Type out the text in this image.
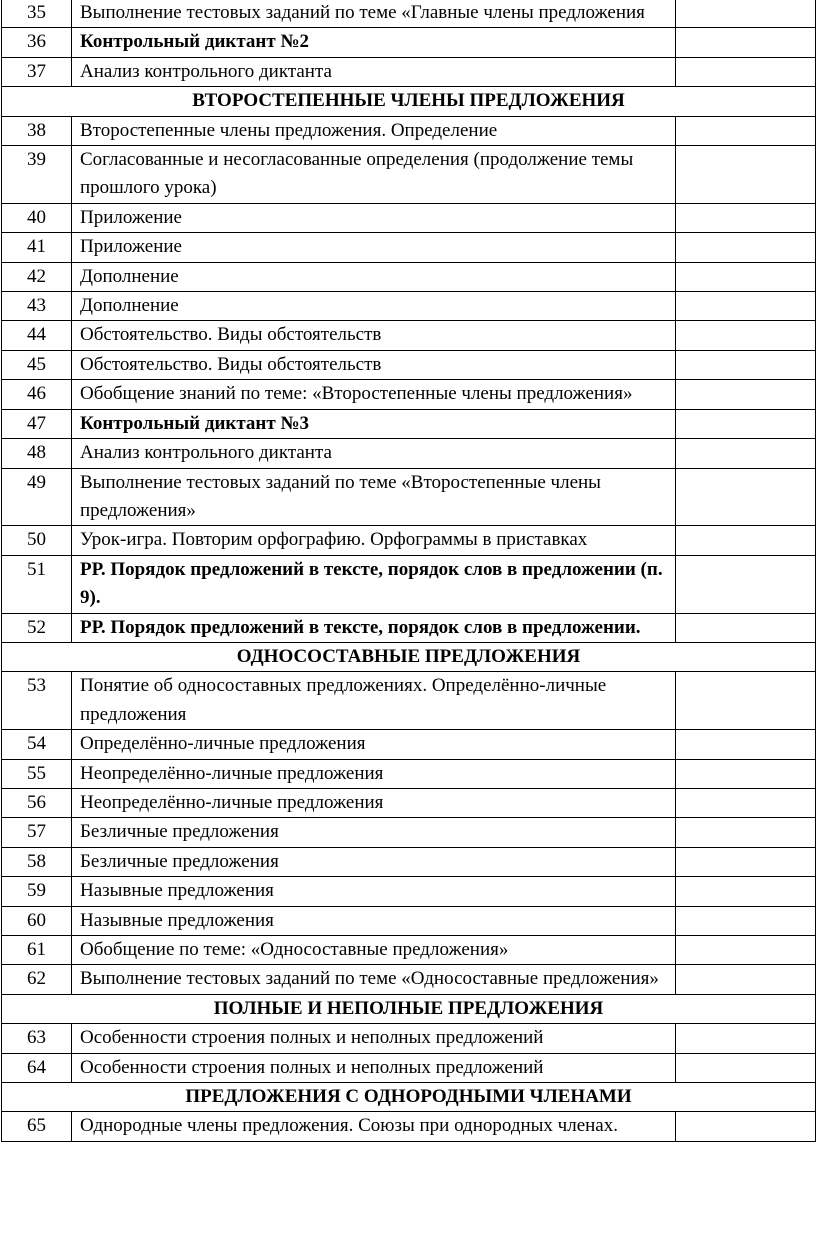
35	Выполнение тестовых заданий по теме «Главные члены предложения	
36	Контрольный диктант №2	
37	Анализ контрольного диктанта	
ВТОРОСТЕПЕННЫЕ ЧЛЕНЫ ПРЕДЛОЖЕНИЯ		
38	Второстепенные члены предложения. Определение	
39	Согласованные и несогласованные определения (продолжение темы прошлого урока)	
40	Приложение	
41	Приложение	
42	Дополнение	
43	Дополнение	
44	Обстоятельство. Виды обстоятельств	
45	Обстоятельство. Виды обстоятельств	
46	Обобщение знаний по теме: «Второстепенные члены предложения»	
47	Контрольный диктант №3	
48	Анализ контрольного диктанта	
49	Выполнение тестовых заданий по теме «Второстепенные члены предложения»	
50	Урок-игра. Повторим орфографию. Орфограммы в приставках	
51	РР. Порядок предложений в тексте, порядок слов в предложении (п. 9).	
52	РР. Порядок предложений в тексте, порядок слов в предложении.	
ОДНОСОСТАВНЫЕ ПРЕДЛОЖЕНИЯ		
53	Понятие об односоставных предложениях. Определённо-личные предложения	
54	Определённо-личные предложения	
55	Неопределённо-личные предложения	
56	Неопределённо-личные предложения	
57	Безличные предложения	
58	Безличные предложения	
59	Назывные предложения	
60	Назывные предложения	
61	Обобщение по теме: «Односоставные предложения»	
62	Выполнение тестовых заданий по теме «Односоставные предложения»	
ПОЛНЫЕ И НЕПОЛНЫЕ ПРЕДЛОЖЕНИЯ		
63	Особенности строения полных и неполных предложений	
64	Особенности строения полных и неполных предложений	
ПРЕДЛОЖЕНИЯ С ОДНОРОДНЫМИ ЧЛЕНАМИ		
65	Однородные члены предложения. Союзы при однородных членах.	
